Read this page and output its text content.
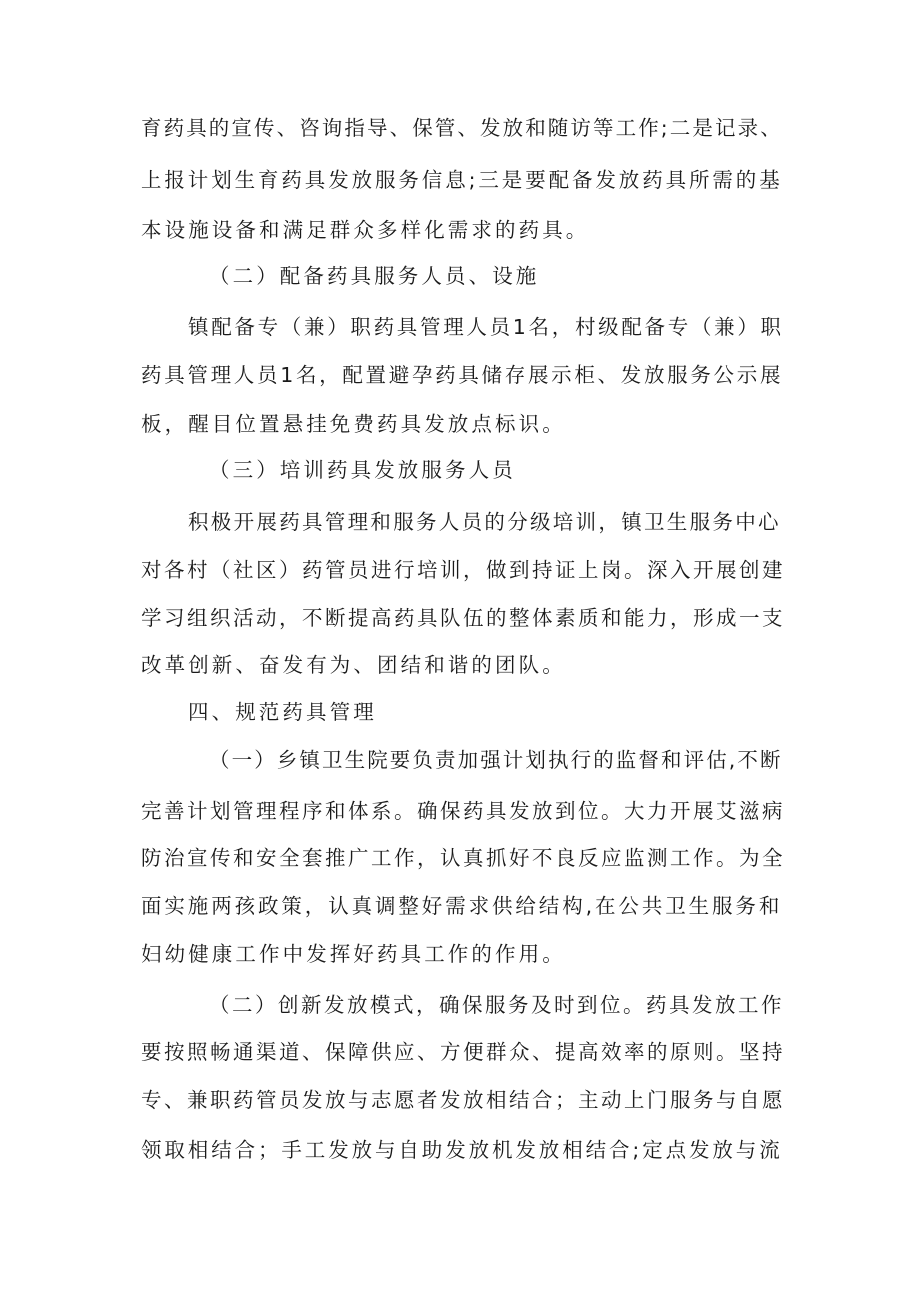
育药具的宣传、咨询指导、保管、发放和随访等工作;二是记录、
上报计划生育药具发放服务信息;三是要配备发放药具所需的基
本设施设备和满足群众多样化需求的药具。
（二）配备药具服务人员、设施
镇配备专（兼）职药具管理人员1名，村级配备专（兼）职
药具管理人员1名，配置避孕药具储存展示柜、发放服务公示展
板，醒目位置悬挂免费药具发放点标识。
（三）培训药具发放服务人员
积极开展药具管理和服务人员的分级培训，镇卫生服务中心
对各村（社区）药管员进行培训，做到持证上岗。深入开展创建
学习组织活动，不断提高药具队伍的整体素质和能力，形成一支
改革创新、奋发有为、团结和谐的团队。
四、规范药具管理
（一）乡镇卫生院要负责加强计划执行的监督和评估,不断
完善计划管理程序和体系。确保药具发放到位。大力开展艾滋病
防治宣传和安全套推广工作，认真抓好不良反应监测工作。为全
面实施两孩政策，认真调整好需求供给结构,在公共卫生服务和
妇幼健康工作中发挥好药具工作的作用。
（二）创新发放模式，确保服务及时到位。药具发放工作
要按照畅通渠道、保障供应、方便群众、提高效率的原则。坚持
专、兼职药管员发放与志愿者发放相结合；主动上门服务与自愿
领取相结合；手工发放与自助发放机发放相结合;定点发放与流
